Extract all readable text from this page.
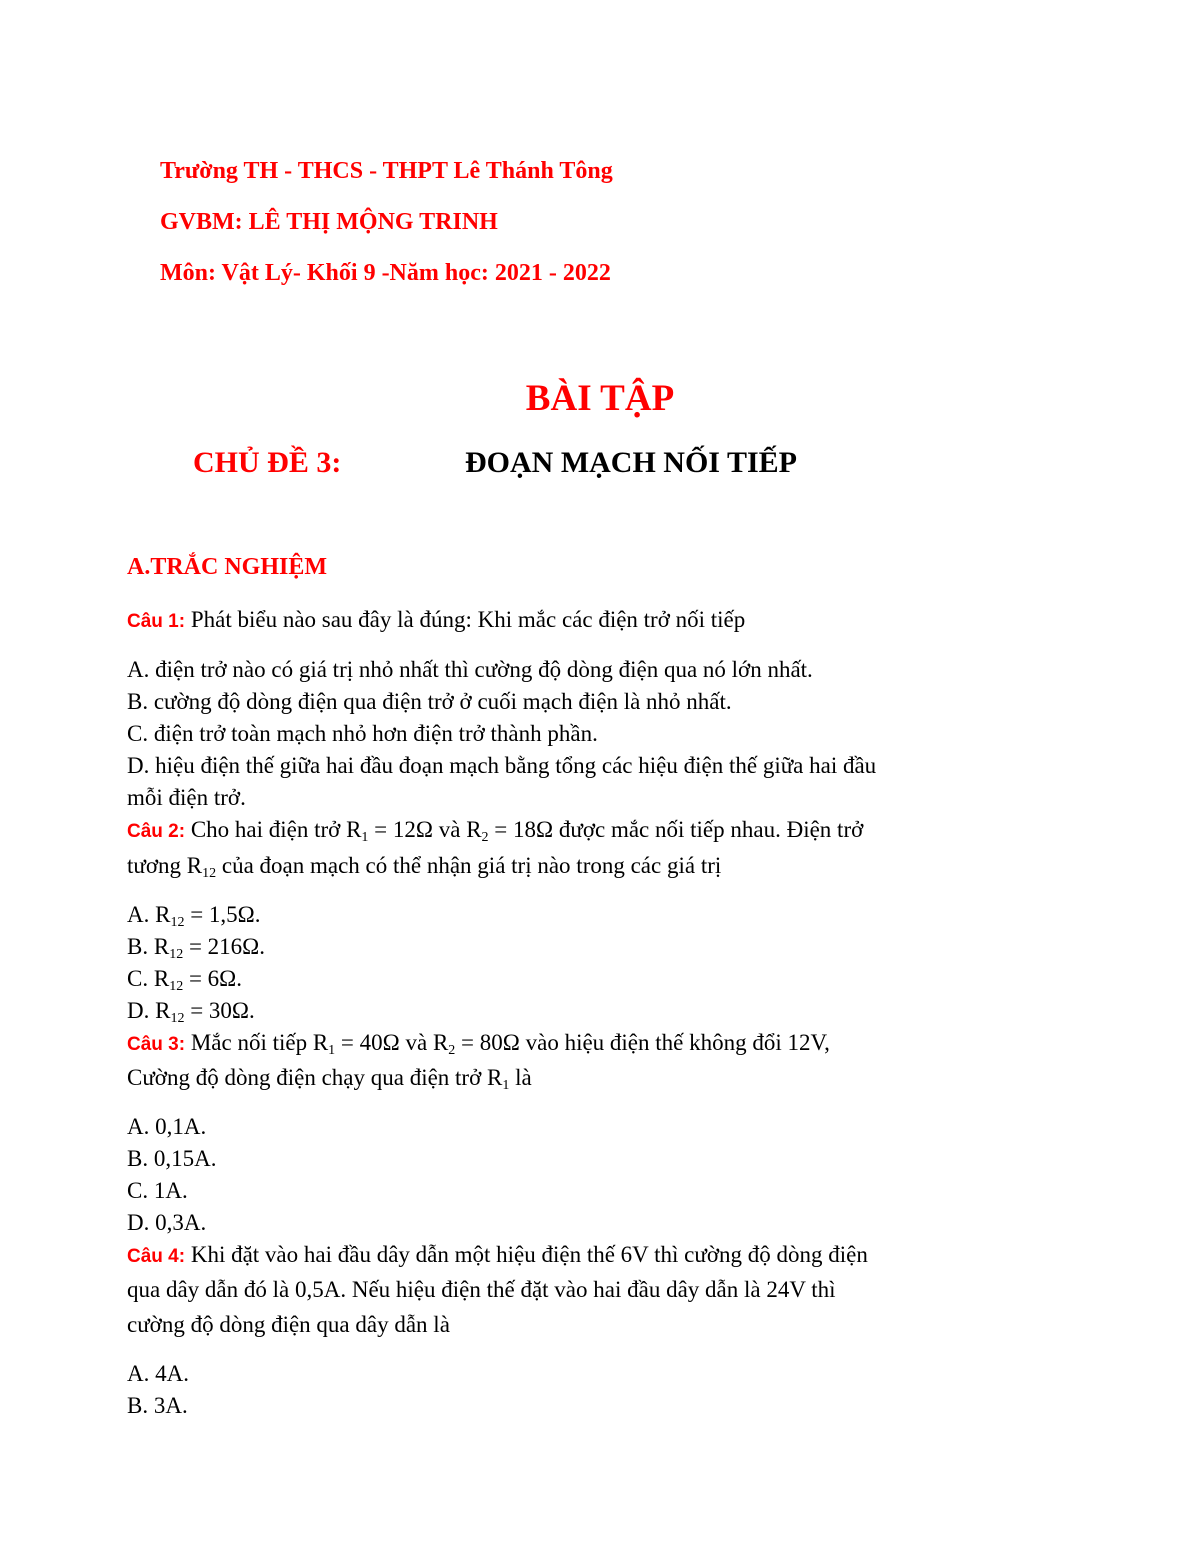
Trường TH - THCS - THPT Lê Thánh Tông
GVBM: LÊ THỊ MỘNG TRINH
Môn: Vật Lý- Khối 9 -Năm học: 2021 - 2022
BÀI TẬP
CHỦ ĐỀ 3:	ĐOẠN MẠCH NỐI TIẾP
A.TRẮC NGHIỆM
Câu 1: Phát biểu nào sau đây là đúng: Khi mắc các điện trở nối tiếp
A. điện trở nào có giá trị nhỏ nhất thì cường độ dòng điện qua nó lớn nhất.
B. cường độ dòng điện qua điện trở ở cuối mạch điện là nhỏ nhất.
C. điện trở toàn mạch nhỏ hơn điện trở thành phần.
D. hiệu điện thế giữa hai đầu đoạn mạch bằng tổng các hiệu điện thế giữa hai đầu
mỗi điện trở.
Câu 2: Cho hai điện trở $R_1 = 12\Omega$ và $R_2 = 18\Omega$ được mắc nối tiếp nhau. Điện trở
tương $R_{12}$ của đoạn mạch có thể nhận giá trị nào trong các giá trị
A. $R_{12} = 1,5\Omega$.
B. $R_{12} = 216\Omega$.
C. $R_{12} = 6\Omega$.
D. $R_{12} = 30\Omega$.
Câu 3: Mắc nối tiếp $R_1 = 40\Omega$ và $R_2 = 80\Omega$ vào hiệu điện thế không đổi 12V,
Cường độ dòng điện chạy qua điện trở $R_1$ là
A. 0,1A.
B. 0,15A.
C. 1A.
D. 0,3A.
Câu 4: Khi đặt vào hai đầu dây dẫn một hiệu điện thế 6V thì cường độ dòng điện
qua dây dẫn đó là 0,5A. Nếu hiệu điện thế đặt vào hai đầu dây dẫn là 24V thì
cường độ dòng điện qua dây dẫn là
A. 4A.
B. 3A.
